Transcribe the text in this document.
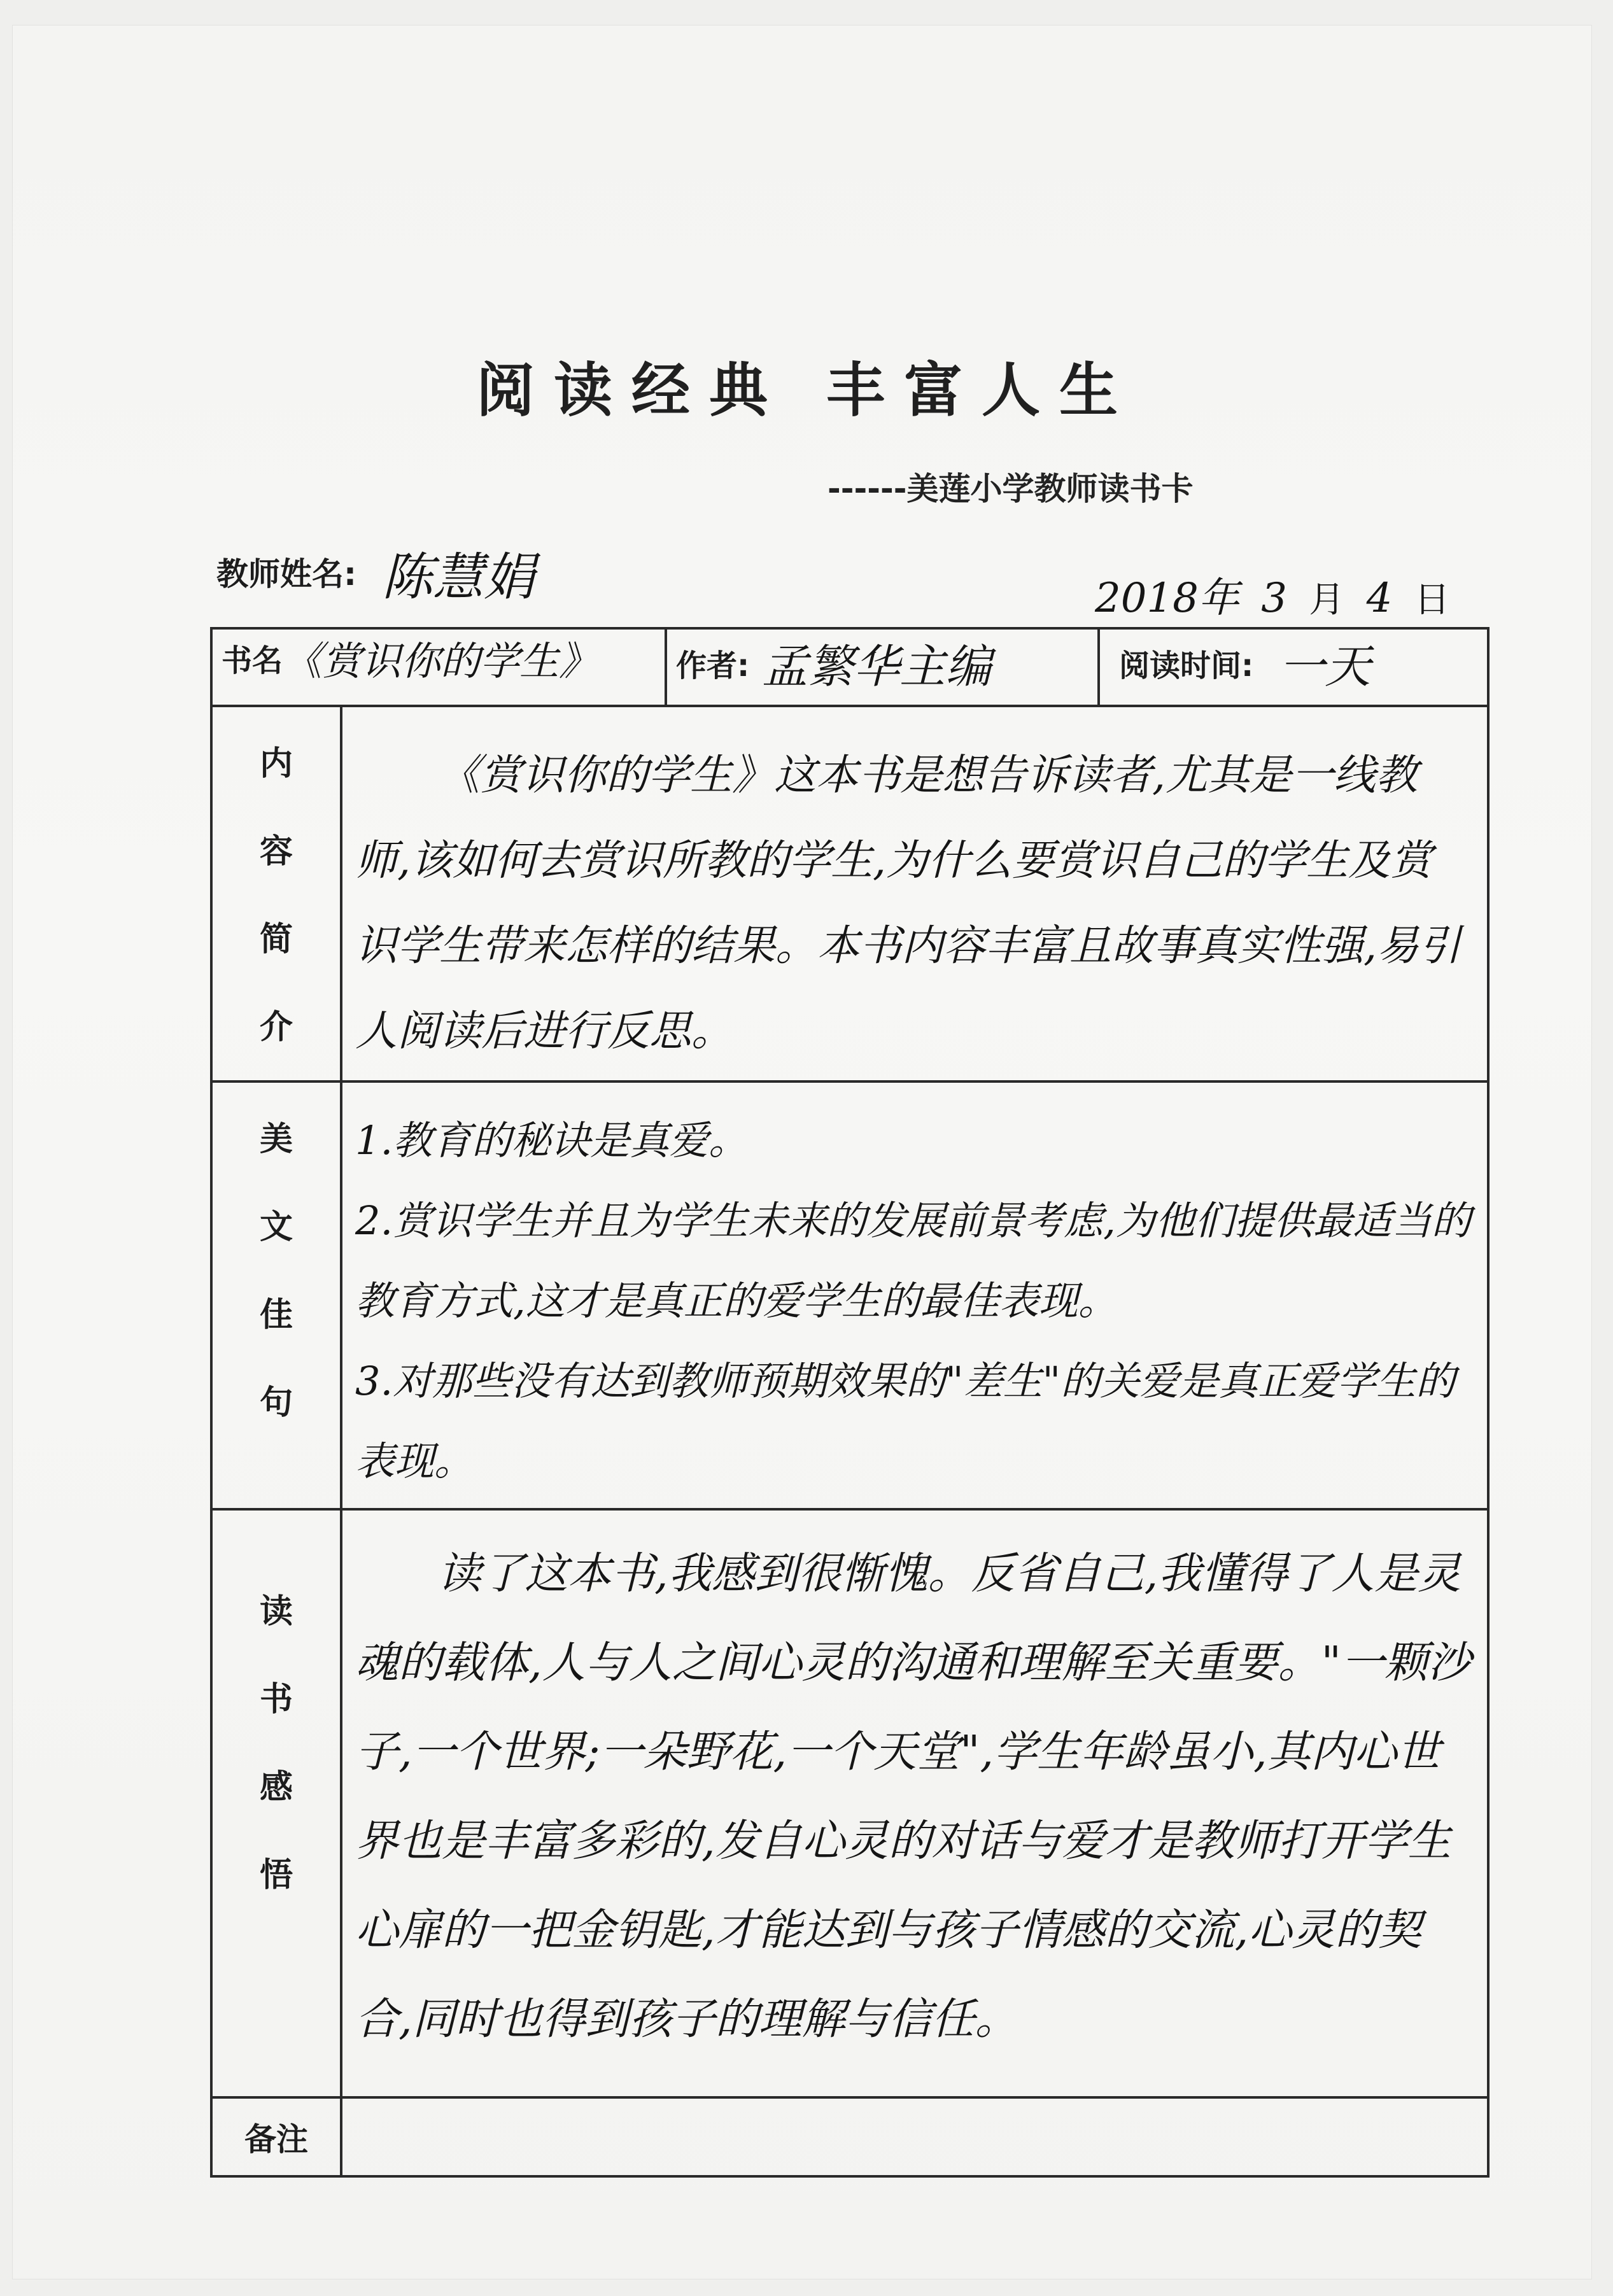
阅读经典 丰富人生
------美莲小学教师读书卡
教师姓名: 陈慧娟	2018年 3 月 4 日
书名 《赏识你的学生》		作者: 孟繁华主编	阅读时间: 一天

内容简介	《赏识你的学生》这本书是想告诉读者,尤其是一线教师,该如何去赏识所教的学生,为什么要赏识自己的学生及赏识学生带来怎样的结果。本书内容丰富且故事真实性强,易引人阅读后进行反思。		

美文佳句	1.教育的秘诀是真爱。
2.赏识学生并且为学生未来的发展前景考虑,为他们提供最适当的教育方式,这才是真正的爱学生的最佳表现。
3.对那些没有达到教师预期效果的"差生"的关爱是真正爱学生的表现。		

读书感悟	读了这本书,我感到很惭愧。反省自己,我懂得了人是灵魂的载体,人与人之间心灵的沟通和理解至关重要。"一颗沙子,一个世界;一朵野花,一个天堂",学生年龄虽小,其内心世界也是丰富多彩的,发自心灵的对话与爱才是教师打开学生心扉的一把金钥匙,才能达到与孩子情感的交流,心灵的契合,同时也得到孩子的理解与信任。		

备注			
